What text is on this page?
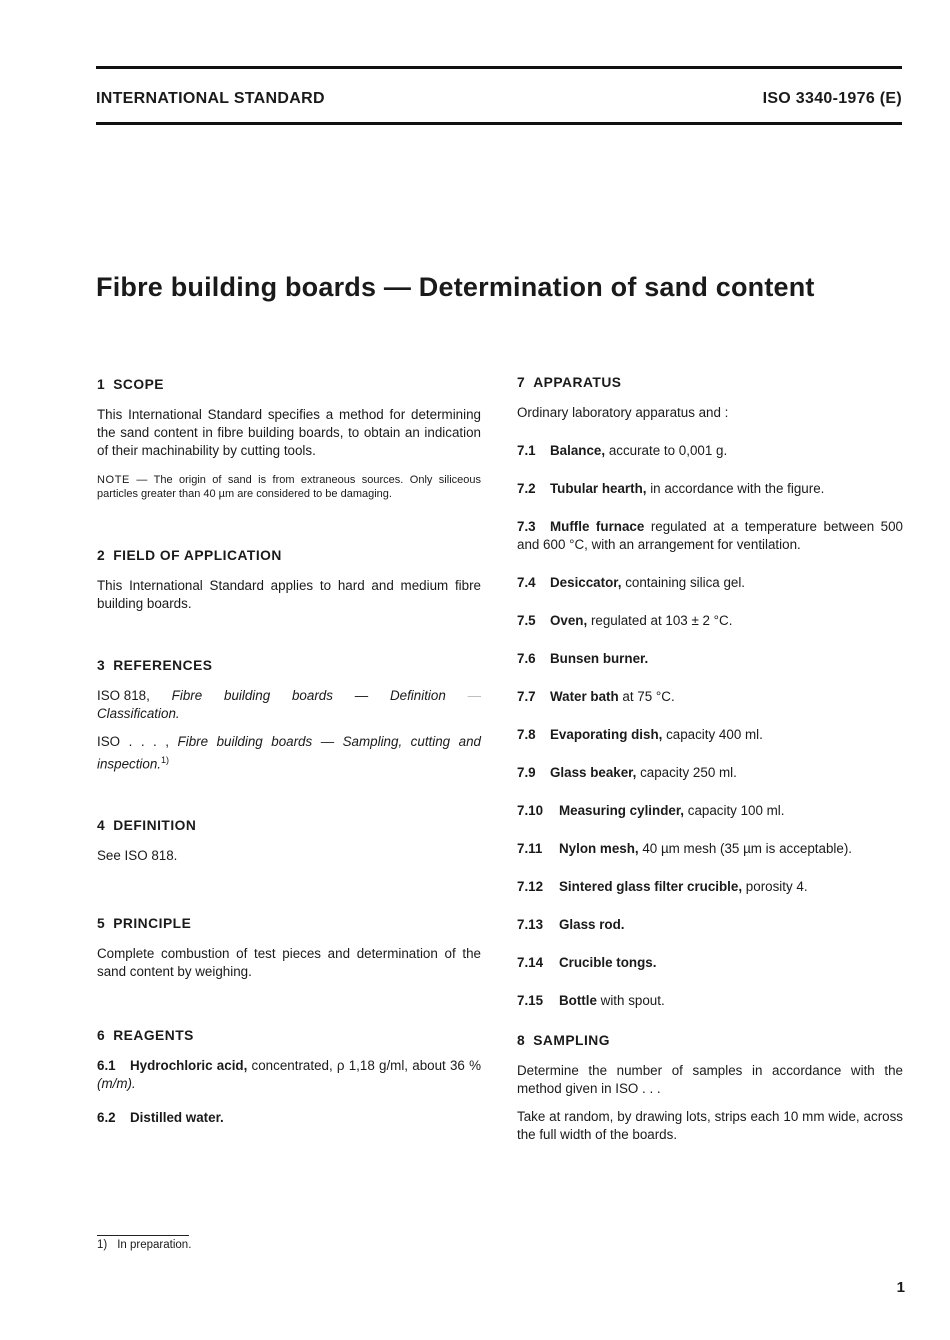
INTERNATIONAL STANDARD	ISO 3340-1976 (E)
Fibre building boards — Determination of sand content
1 SCOPE

This International Standard specifies a method for determining the sand content in fibre building boards, to obtain an indication of their machinability by cutting tools.

NOTE — The origin of sand is from extraneous sources. Only siliceous particles greater than 40 µm are considered to be damaging.

2 FIELD OF APPLICATION

This International Standard applies to hard and medium fibre building boards.

3 REFERENCES
ISO 818, Fibre building boards — Definition —
Classification.

ISO . . . , Fibre building boards — Sampling, cutting and inspection.$^{1)}$

4 DEFINITION

See ISO 818.

5 PRINCIPLE

Complete combustion of test pieces and determination of the sand content by weighing.

6 REAGENTS

6.1 Hydrochloric acid, concentrated, ρ 1,18 g/ml, about 36 % (m/m).

6.2 Distilled water.

7 APPARATUS

Ordinary laboratory apparatus and :

7.1 Balance, accurate to 0,001 g.

7.2 Tubular hearth, in accordance with the figure.

7.3 Muffle furnace regulated at a temperature between 500 and 600 °C, with an arrangement for ventilation.

7.4 Desiccator, containing silica gel.

7.5 Oven, regulated at 103 ± 2 °C.

7.6 Bunsen burner.

7.7 Water bath at 75 °C.

7.8 Evaporating dish, capacity 400 ml.

7.9 Glass beaker, capacity 250 ml.

7.10 Measuring cylinder, capacity 100 ml.

7.11 Nylon mesh, 40 µm mesh (35 µm is acceptable).

7.12 Sintered glass filter crucible, porosity 4.

7.13 Glass rod.

7.14 Crucible tongs.

7.15 Bottle with spout.

8 SAMPLING

Determine the number of samples in accordance with the method given in ISO . . .

Take at random, by drawing lots, strips each 10 mm wide, across the full width of the boards.

1) In preparation.
1
